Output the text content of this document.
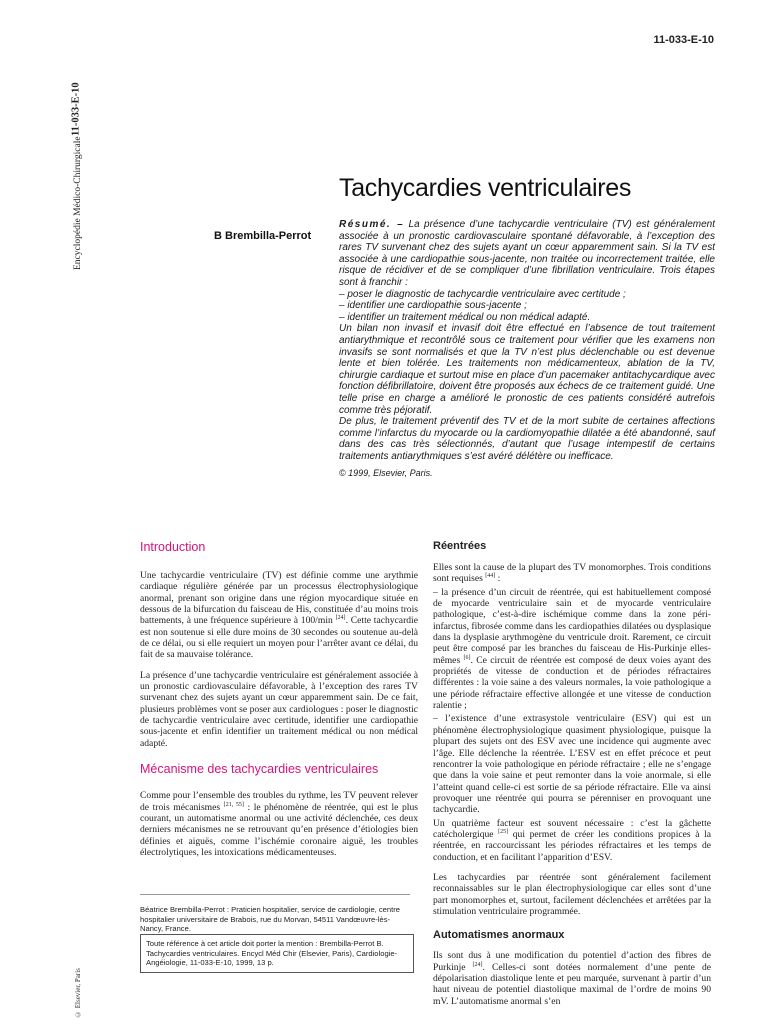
Encyclopédie Médico-Chirurgicale
11-033-E-10
© Elsevier, Paris
11-033-E-10
Tachycardies ventriculaires
B Brembilla-Perrot

Résumé. – La présence d’une tachycardie ventriculaire (TV) est généralement associée à un pronostic cardiovasculaire spontané défavorable, à l’exception des rares TV survenant chez des sujets ayant un cœur apparemment sain. Si la TV est associée à une cardiopathie sous-jacente, non traitée ou incorrectement traitée, elle risque de récidiver et de se compliquer d’une fibrillation ventriculaire. Trois étapes sont à franchir :

– poser le diagnostic de tachycardie ventriculaire avec certitude ;

– identifier une cardiopathie sous-jacente ;

– identifier un traitement médical ou non médical adapté.

Un bilan non invasif et invasif doit être effectué en l’absence de tout traitement antiarythmique et recontrôlé sous ce traitement pour vérifier que les examens non invasifs se sont normalisés et que la TV n’est plus déclenchable ou est devenue lente et bien tolérée. Les traitements non médicamenteux, ablation de la TV, chirurgie cardiaque et surtout mise en place d’un pacemaker antitachycardique avec fonction défibrillatoire, doivent être proposés aux échecs de ce traitement guidé. Une telle prise en charge a amélioré le pronostic de ces patients considéré autrefois comme très péjoratif.

De plus, le traitement préventif des TV et de la mort subite de certaines affections comme l’infarctus du myocarde ou la cardiomyopathie dilatée a été abandonné, sauf dans des cas très sélectionnés, d’autant que l’usage intempestif de certains traitements antiarythmiques s’est avéré délétère ou inefficace.

© 1999, Elsevier, Paris.

Introduction

Une tachycardie ventriculaire (TV) est définie comme une arythmie cardiaque régulière générée par un processus électrophysiologique anormal, prenant son origine dans une région myocardique située en dessous de la bifurcation du faisceau de His, constituée d’au moins trois battements, à une fréquence supérieure à 100/min [24]. Cette tachycardie est non soutenue si elle dure moins de 30 secondes ou soutenue au-delà de ce délai, ou si elle requiert un moyen pour l’arrêter avant ce délai, du fait de sa mauvaise tolérance.

La présence d’une tachycardie ventriculaire est généralement associée à un pronostic cardiovasculaire défavorable, à l’exception des rares TV survenant chez des sujets ayant un cœur apparemment sain. De ce fait, plusieurs problèmes vont se poser aux cardiologues : poser le diagnostic de tachycardie ventriculaire avec certitude, identifier une cardiopathie sous-jacente et enfin identifier un traitement médical ou non médical adapté.

Mécanisme des tachycardies ventriculaires

Comme pour l’ensemble des troubles du rythme, les TV peuvent relever de trois mécanismes [21, 55] : le phénomène de réentrée, qui est le plus courant, un automatisme anormal ou une activité déclenchée, ces deux derniers mécanismes ne se retrouvant qu’en présence d’étiologies bien définies et aiguës, comme l’ischémie coronaire aiguë, les troubles électrolytiques, les intoxications médicamenteuses.

Réentrées

Elles sont la cause de la plupart des TV monomorphes. Trois conditions sont requises [44] :

– la présence d’un circuit de réentrée, qui est habituellement composé de myocarde ventriculaire sain et de myocarde ventriculaire pathologique, c’est-à-dire ischémique comme dans la zone péri-infarctus, fibrosée comme dans les cardiopathies dilatées ou dysplasique dans la dysplasie arythmogène du ventricule droit. Rarement, ce circuit peut être composé par les branches du faisceau de His-Purkinje elles-mêmes [6]. Ce circuit de réentrée est composé de deux voies ayant des propriétés de vitesse de conduction et de périodes réfractaires différentes : la voie saine a des valeurs normales, la voie pathologique a une période réfractaire effective allongée et une vitesse de conduction ralentie ;

– l’existence d’une extrasystole ventriculaire (ESV) qui est un phénomène électrophysiologique quasiment physiologique, puisque la plupart des sujets ont des ESV avec une incidence qui augmente avec l’âge. Elle déclenche la réentrée. L’ESV est en effet précoce et peut rencontrer la voie pathologique en période réfractaire ; elle ne s’engage que dans la voie saine et peut remonter dans la voie anormale, si elle l’atteint quand celle-ci est sortie de sa période réfractaire. Elle va ainsi provoquer une réentrée qui pourra se pérenniser en provoquant une tachycardie.

Un quatrième facteur est souvent nécessaire : c’est la gâchette catécholergique [25] qui permet de créer les conditions propices à la réentrée, en raccourcissant les périodes réfractaires et les temps de conduction, et en facilitant l’apparition d’ESV.

Les tachycardies par réentrée sont généralement facilement reconnaissables sur le plan électrophysiologique car elles sont d’une part monomorphes et, surtout, facilement déclenchées et arrêtées par la stimulation ventriculaire programmée.

Automatismes anormaux

Ils sont dus à une modification du potentiel d’action des fibres de Purkinje [24]. Celles-ci sont dotées normalement d’une pente de dépolarisation diastolique lente et peu marquée, survenant à partir d’un haut niveau de potentiel diastolique maximal de l’ordre de moins 90 mV. L’automatisme anormal s’en

Béatrice Brembilla-Perrot : Praticien hospitalier, service de cardiologie, centre hospitalier universitaire de Brabois, rue du Morvan, 54511 Vandœuvre-lès-Nancy, France.
Toute référence à cet article doit porter la mention : Brembilla-Perrot B. Tachycardies ventriculaires. Encycl Méd Chir (Elsevier, Paris), Cardiologie-Angéiologie, 11-033-E-10, 1999, 13 p.
